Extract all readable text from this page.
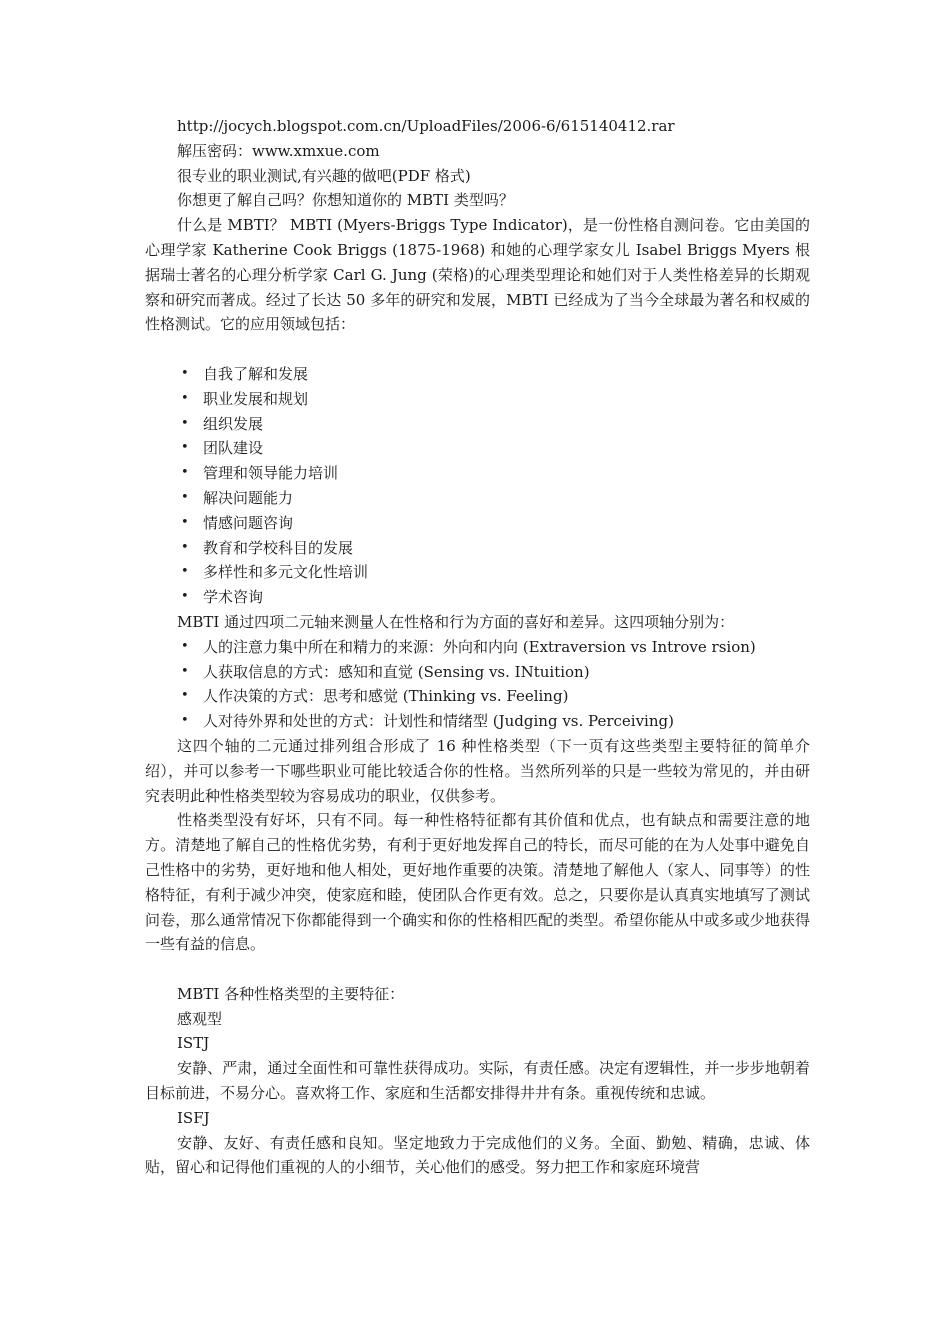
http://jocych.blogspot.com.cn/UploadFiles/2006-6/615140412.rar
解压密码：www.xmxue.com
很专业的职业测试,有兴趣的做吧(PDF 格式)
你想更了解自己吗？你想知道你的 MBTI 类型吗？

什么是 MBTI？ MBTI (Myers-Briggs Type Indicator)，是一份性格自测问卷。它由美国的心理学家 Katherine Cook Briggs (1875-1968) 和她的心理学家女儿 Isabel Briggs Myers 根据瑞士著名的心理分析学家 Carl G. Jung (荣格)的心理类型理论和她们对于人类性格差异的长期观察和研究而著成。经过了长达 50 多年的研究和发展，MBTI 已经成为了当今全球最为著名和权威的性格测试。它的应用领域包括：

• 自我了解和发展
• 职业发展和规划
• 组织发展
• 团队建设
• 管理和领导能力培训
• 解决问题能力
• 情感问题咨询
• 教育和学校科目的发展
• 多样性和多元文化性培训
• 学术咨询
MBTI 通过四项二元轴来测量人在性格和行为方面的喜好和差异。这四项轴分别为：
• 人的注意力集中所在和精力的来源：外向和内向 (Extraversion vs Introve rsion)
• 人获取信息的方式：感知和直觉 (Sensing vs. INtuition)
• 人作决策的方式：思考和感觉 (Thinking vs. Feeling)
• 人对待外界和处世的方式：计划性和情绪型 (Judging vs. Perceiving)

这四个轴的二元通过排列组合形成了 16 种性格类型（下一页有这些类型主要特征的简单介绍），并可以参考一下哪些职业可能比较适合你的性格。当然所列举的只是一些较为常见的，并由研究表明此种性格类型较为容易成功的职业，仅供参考。

性格类型没有好坏，只有不同。每一种性格特征都有其价值和优点，也有缺点和需要注意的地方。清楚地了解自己的性格优劣势，有利于更好地发挥自己的特长，而尽可能的在为人处事中避免自己性格中的劣势，更好地和他人相处，更好地作重要的决策。清楚地了解他人（家人、同事等）的性格特征，有利于减少冲突，使家庭和睦，使团队合作更有效。总之，只要你是认真真实地填写了测试问卷，那么通常情况下你都能得到一个确实和你的性格相匹配的类型。希望你能从中或多或少地获得一些有益的信息。

MBTI 各种性格类型的主要特征：
感观型
ISTJ

安静、严肃，通过全面性和可靠性获得成功。实际，有责任感。决定有逻辑性，并一步步地朝着目标前进，不易分心。喜欢将工作、家庭和生活都安排得井井有条。重视传统和忠诚。

ISFJ

安静、友好、有责任感和良知。坚定地致力于完成他们的义务。全面、勤勉、精确，忠诚、体贴，留心和记得他们重视的人的小细节，关心他们的感受。努力把工作和家庭环境营
